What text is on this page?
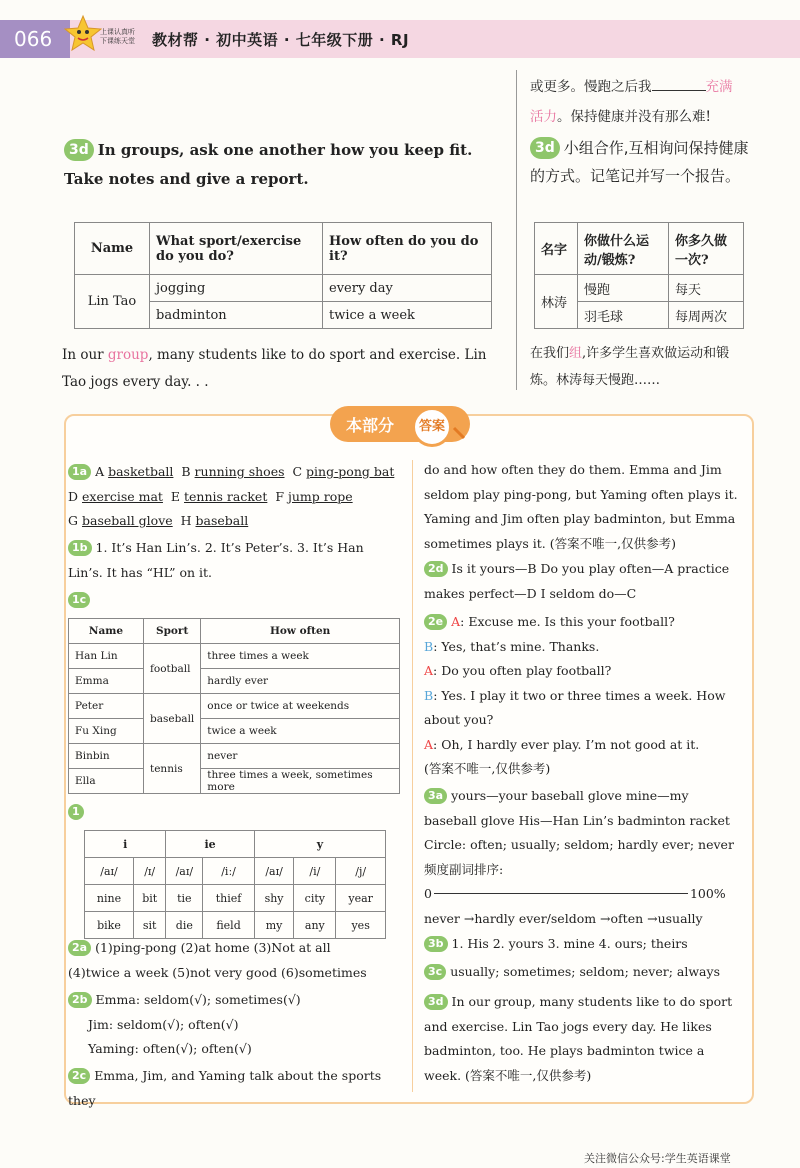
066	上课认真听
下课练天堂 教材帮 · 初中英语 · 七年级下册 · RJ
3d In groups, ask one another how you keep fit. Take notes and give a report.
Name	What sport/exercise do you do?	How often do you do it?
Lin Tao	jogging	every day
	badminton	twice a week
In our group, many students like to do sport and exercise. Lin Tao jogs every day. . .
或更多。慢跑之后我	充满
活力。保持健康并没有那么难!
3d 小组合作,互相询问保持健康的方式。记笔记并写一个报告。
名字	你做什么运动/锻炼?	你多久做一次?
林涛	慢跑	每天
	羽毛球	每周两次
在我们组,许多学生喜欢做运动和锻炼。林涛每天慢跑……
本部分	答案
1a A basketball B running shoes C ping-pong bat
D exercise mat E tennis racket F jump rope
G baseball glove H baseball
1b 1. It’s Han Lin’s. 2. It’s Peter’s. 3. It’s Han Lin’s. It has “HL” on it.
1c
Name	Sport	How often
Han Lin	football	three times a week
Emma		hardly ever
Peter	baseball	once or twice at weekends
Fu Xing		twice a week
Binbin	tennis	never
Ella		three times a week, sometimes more
1
i		ie		y		
/aɪ/	/ɪ/	/aɪ/	/iː/	/aɪ/	/i/	/j/
nine	bit	tie	thief	shy	city	year
bike	sit	die	field	my	any	yes
2a (1)ping-pong (2)at home (3)Not at all
(4)twice a week (5)not very good (6)sometimes
2b Emma: seldom(√); sometimes(√)
Jim: seldom(√); often(√)
Yaming: often(√); often(√)
2c Emma, Jim, and Yaming talk about the sports they
do and how often they do them. Emma and Jim seldom play ping-pong, but Yaming often plays it. Yaming and Jim often play badminton, but Emma sometimes plays it. (答案不唯一,仅供参考)
2d Is it yours—B Do you play often—A practice makes perfect—D I seldom do—C
2e A: Excuse me. Is this your football?
B: Yes, that’s mine. Thanks.
A: Do you often play football?
B: Yes. I play it two or three times a week. How about you?
A: Oh, I hardly ever play. I’m not good at it.
(答案不唯一,仅供参考)
3a yours—your baseball glove mine—my baseball glove His—Han Lin’s badminton racket
Circle: often; usually; seldom; hardly ever; never
频度副词排序:
0	100%
never →hardly ever/seldom →often →usually
3b 1. His 2. yours 3. mine 4. ours; theirs
3c usually; sometimes; seldom; never; always
3d In our group, many students like to do sport and exercise. Lin Tao jogs every day. He likes badminton, too. He plays badminton twice a week. (答案不唯一,仅供参考)
关注微信公众号:学生英语课堂
